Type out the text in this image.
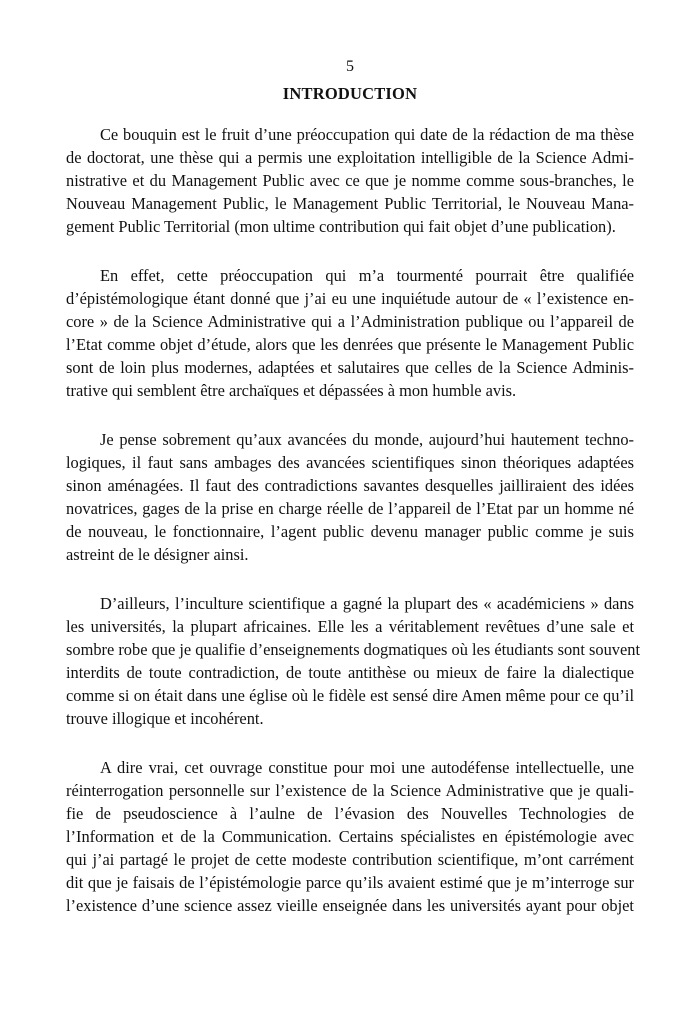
5
INTRODUCTION
Ce bouquin est le fruit d’une préoccupation qui date de la rédaction de ma thèse
de doctorat, une thèse qui a permis une exploitation intelligible de la Science Admi-
nistrative et du Management Public avec ce que je nomme comme sous-branches, le
Nouveau Management Public, le Management Public Territorial, le Nouveau Mana-
gement Public Territorial (mon ultime contribution qui fait objet d’une publication).
En effet, cette préoccupation qui m’a tourmenté pourrait être qualifiée
d’épistémologique étant donné que j’ai eu une inquiétude autour de « l’existence en-
core » de la Science Administrative qui a l’Administration publique ou l’appareil de
l’Etat comme objet d’étude, alors que les denrées que présente le Management Public
sont de loin plus modernes, adaptées et salutaires que celles de la Science Adminis-
trative qui semblent être archaïques et dépassées à mon humble avis.
Je pense sobrement qu’aux avancées du monde, aujourd’hui hautement techno-
logiques, il faut sans ambages des avancées scientifiques sinon théoriques adaptées
sinon aménagées. Il faut des contradictions savantes desquelles jailliraient des idées
novatrices, gages de la prise en charge réelle de l’appareil de l’Etat par un homme né
de nouveau, le fonctionnaire, l’agent public devenu manager public comme je suis
astreint de le désigner ainsi.
D’ailleurs, l’inculture scientifique a gagné la plupart des « académiciens » dans
les universités, la plupart africaines. Elle les a véritablement revêtues d’une sale et
sombre robe que je qualifie d’enseignements dogmatiques où les étudiants sont souvent
interdits de toute contradiction, de toute antithèse ou mieux de faire la dialectique
comme si on était dans une église où le fidèle est sensé dire Amen même pour ce qu’il
trouve illogique et incohérent.
A dire vrai, cet ouvrage constitue pour moi une autodéfense intellectuelle, une
réinterrogation personnelle sur l’existence de la Science Administrative que je quali-
fie de pseudoscience à l’aulne de l’évasion des Nouvelles Technologies de
l’Information et de la Communication. Certains spécialistes en épistémologie avec
qui j’ai partagé le projet de cette modeste contribution scientifique, m’ont carrément
dit que je faisais de l’épistémologie parce qu’ils avaient estimé que je m’interroge sur
l’existence d’une science assez vieille enseignée dans les universités ayant pour objet
